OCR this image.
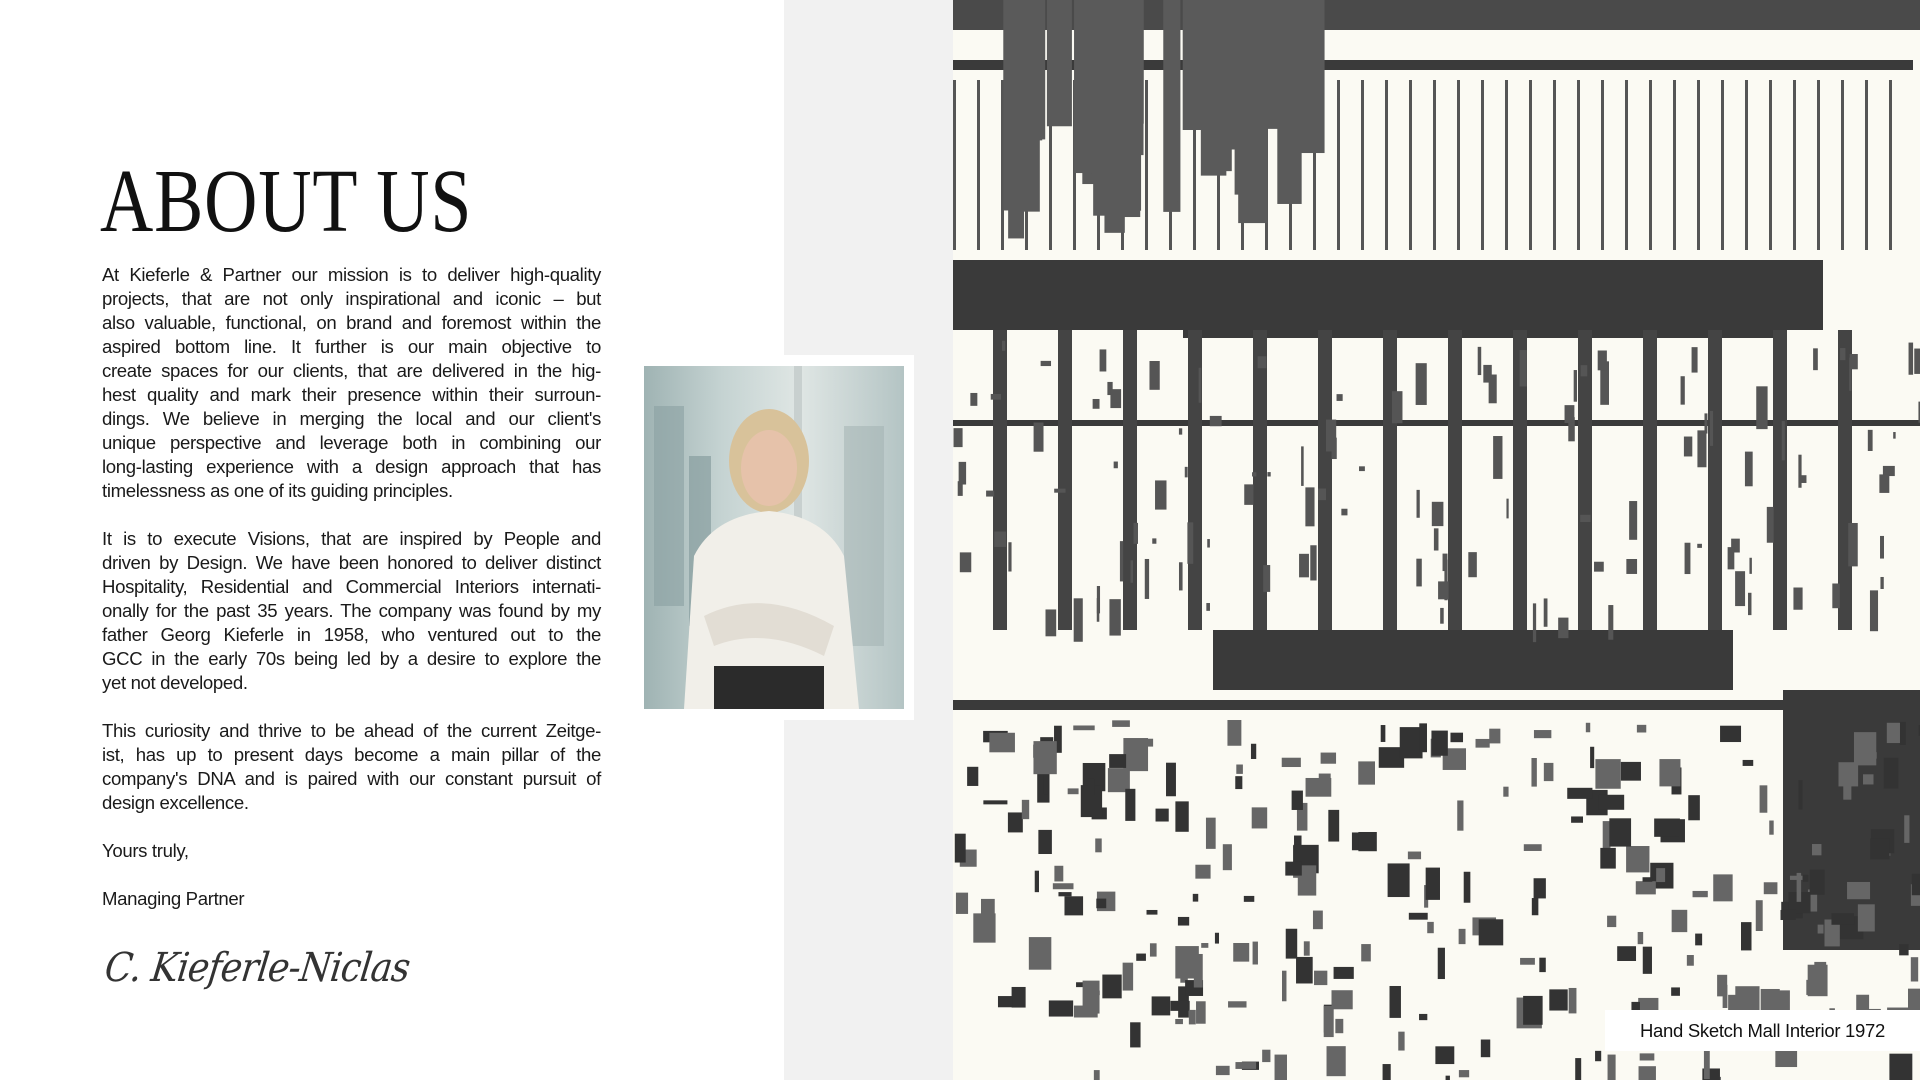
ABOUT US
At Kieferle & Partner our mission is to deliver high-quality
projects, that are not only inspirational and iconic – but
also valuable, functional, on brand and foremost within the
aspired bottom line. It further is our main objective to
create spaces for our clients, that are delivered in the hig-
hest quality and mark their presence within their surroun-
dings. We believe in merging the local and our client's
unique perspective and leverage both in combining our
long-lasting experience with a design approach that has
timelessness as one of its guiding principles.
It is to execute Visions, that are inspired by People and
driven by Design. We have been honored to deliver distinct
Hospitality, Residential and Commercial Interiors internati-
onally for the past 35 years. The company was found by my
father Georg Kieferle in 1958, who ventured out to the
GCC in the early 70s being led by a desire to explore the
yet not developed.
This curiosity and thrive to be ahead of the current Zeitge-
ist, has up to present days become a main pillar of the
company's DNA and is paired with our constant pursuit of
design excellence.
Yours truly,
Managing Partner
C. Kieferle-Niclas
Hand Sketch Mall Interior 1972
